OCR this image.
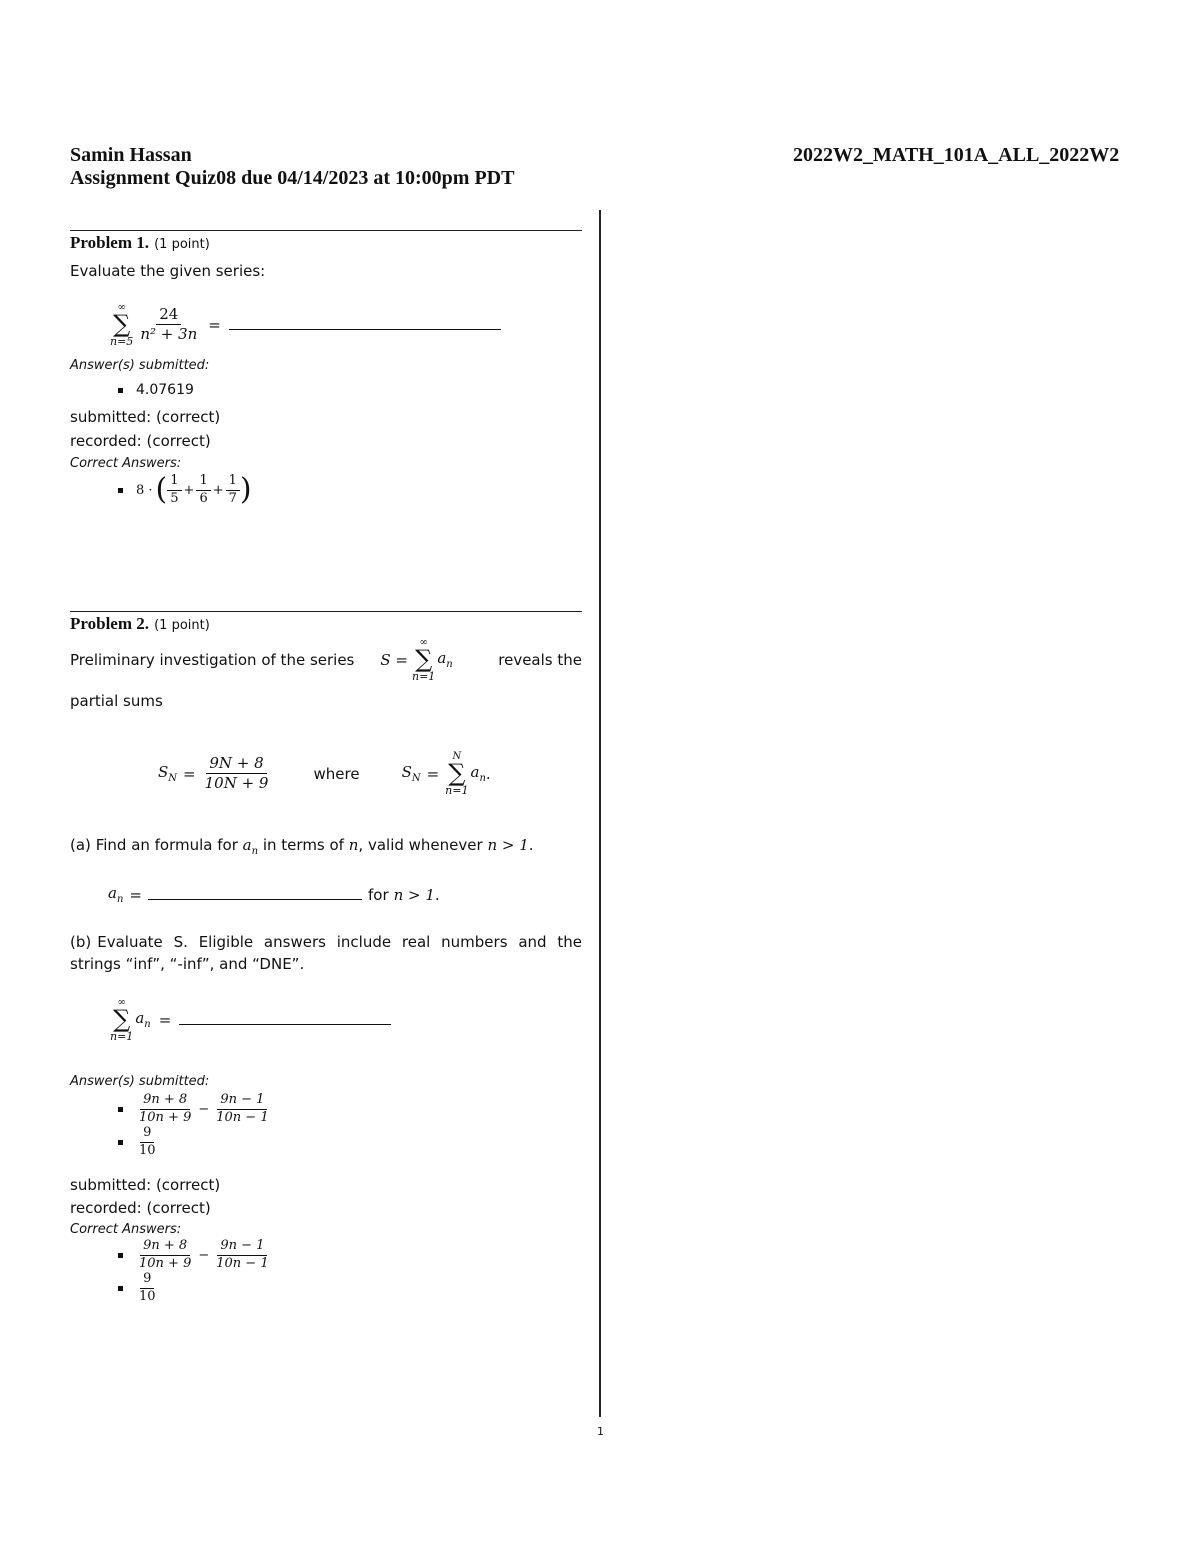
Samin Hassan
Assignment Quiz08 due 04/14/2023 at 10:00pm PDT
2022W2_MATH_101A_ALL_2022W2
Problem 1. (1 point)
Evaluate the given series:
∞
∑
$n=5 \frac{24}{\text{n² + 3n}}$ =
Answer(s) submitted:
4.07619
submitted: (correct)
recorded: (correct)
Correct Answers:
8 · ( $\frac{1}{5} + \frac{1}{6} + \frac{1}{7}$ )
Problem 2. (1 point)
Preliminary investigation of the series S =
∞
∑
n=1
$a_n$	reveals the
partial sums
$S_N = \frac{9N + 8}{10N + 9}$	where	$S_N$ =
N
∑
n=1
$a_n$ .
(a) Find an formula for $a_n$ in terms of n, valid whenever n > 1.
$a_n$ =	for n > 1 .
(b) Evaluate S. Eligible answers include real numbers and the
strings “inf”, “-inf”, and “DNE”.
∞
∑
n=1
$a_n$ =
Answer(s) submitted:
$\frac{9n + 8}{10n + 9} - \frac{9n - 1}{10n - 1}$
$\frac{9}{10}$
submitted: (correct)
recorded: (correct)
Correct Answers:
$\frac{9n + 8}{10n + 9} - \frac{9n - 1}{10n - 1}$
$\frac{9}{10}$
1
